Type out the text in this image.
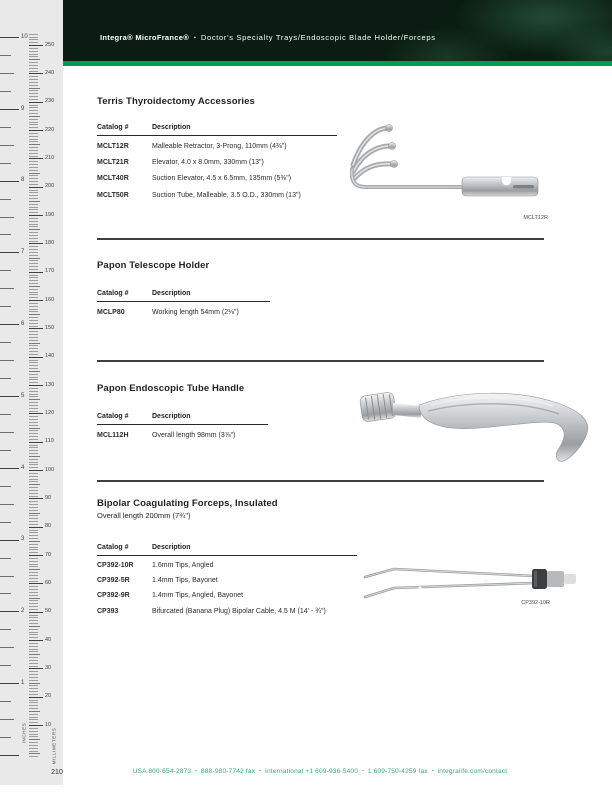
10
9
8
7
6
5
4
3
2
1
250
240
230
220
210
200
190
180
170
160
150
140
130
120
110
100
90
80
70
60
50
40
30
20
10
INCHES	MILLIMETERS
210
Integra® MicroFrance® ▪ Doctor's Specialty Trays/Endoscopic Blade Holder/Forceps
Terris Thyroidectomy Accessories
Catalog #	Description
MCLT12R	Malleable Retractor, 3-Prong, 110mm (4⅜")
MCLT21R	Elevator, 4.0 x 8.0mm, 330mm (13")
MCLT40R	Suction Elevator, 4.5 x 6.5mm, 135mm (5⅜")
MCLT50R	Suction Tube, Malleable, 3.5 O.D., 330mm (13")
MCLT12R
Papon Telescope Holder
Catalog #	Description
MCLP80	Working length 54mm (2⅛")
Papon Endoscopic Tube Handle
Catalog #	Description
MCL112H	Overall length 98mm (3⅞")
Bipolar Coagulating Forceps, Insulated
Overall length 200mm (7¾")
Catalog #	Description
CP392-10R	1.6mm Tips, Angled
CP392-5R	1.4mm Tips, Bayonet
CP392-9R	1.4mm Tips, Angled, Bayonet
CP393	Bifurcated (Banana Plug) Bipolar Cable, 4.5 M (14' - ¾")
CP392-10R
USA 800-654-2873 ▪ 888-980-7742 fax ▪ International +1 609-936-5400 ▪ 1 609-750-4259 fax ▪ integralife.com/contact
